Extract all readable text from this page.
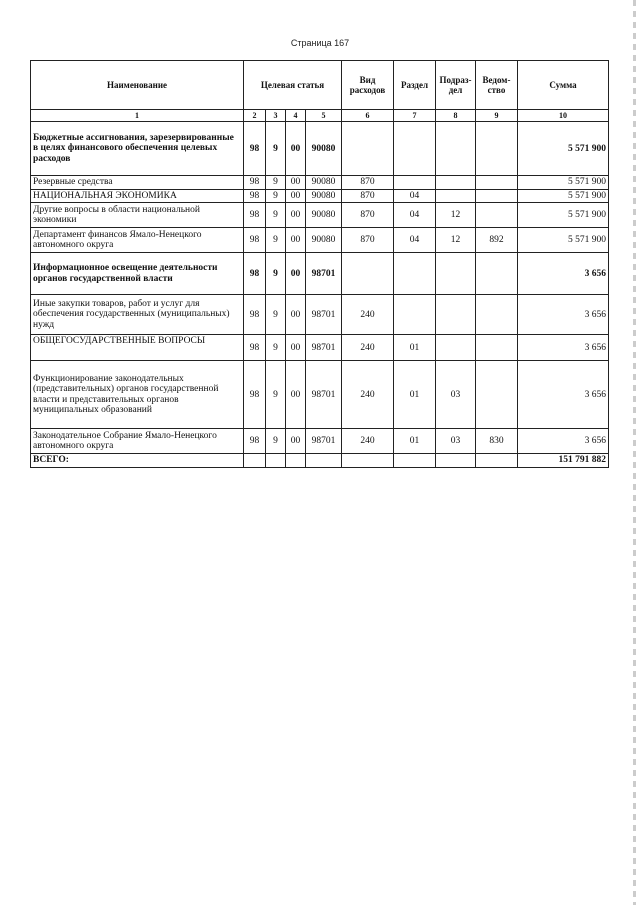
Страница 167
Наименование	Целевая статья				Вид расходов	Раздел	Подраз-дел	Ведом-ство	Сумма
1	2	3	4	5	6	7	8	9	10
Бюджетные ассигнования, зарезервированные в целях финансового обеспечения целевых расходов	98	9	00	90080					5 571 900
Резервные средства	98	9	00	90080	870				5 571 900
НАЦИОНАЛЬНАЯ ЭКОНОМИКА	98	9	00	90080	870	04			5 571 900
Другие вопросы в области национальной экономики	98	9	00	90080	870	04	12		5 571 900
Департамент финансов Ямало-Ненецкого автономного округа	98	9	00	90080	870	04	12	892	5 571 900
Информационное освещение деятельности органов государственной власти	98	9	00	98701					3 656
Иные закупки товаров, работ и услуг для обеспечения государственных (муниципальных) нужд	98	9	00	98701	240				3 656
ОБЩЕГОСУДАРСТВЕННЫЕ ВОПРОСЫ	98	9	00	98701	240	01			3 656
Функционирование законодательных (представительных) органов государственной власти и представительных органов муниципальных образований	98	9	00	98701	240	01	03		3 656
Законодательное Собрание Ямало-Ненецкого автономного округа	98	9	00	98701	240	01	03	830	3 656
ВСЕГО:									151 791 882
